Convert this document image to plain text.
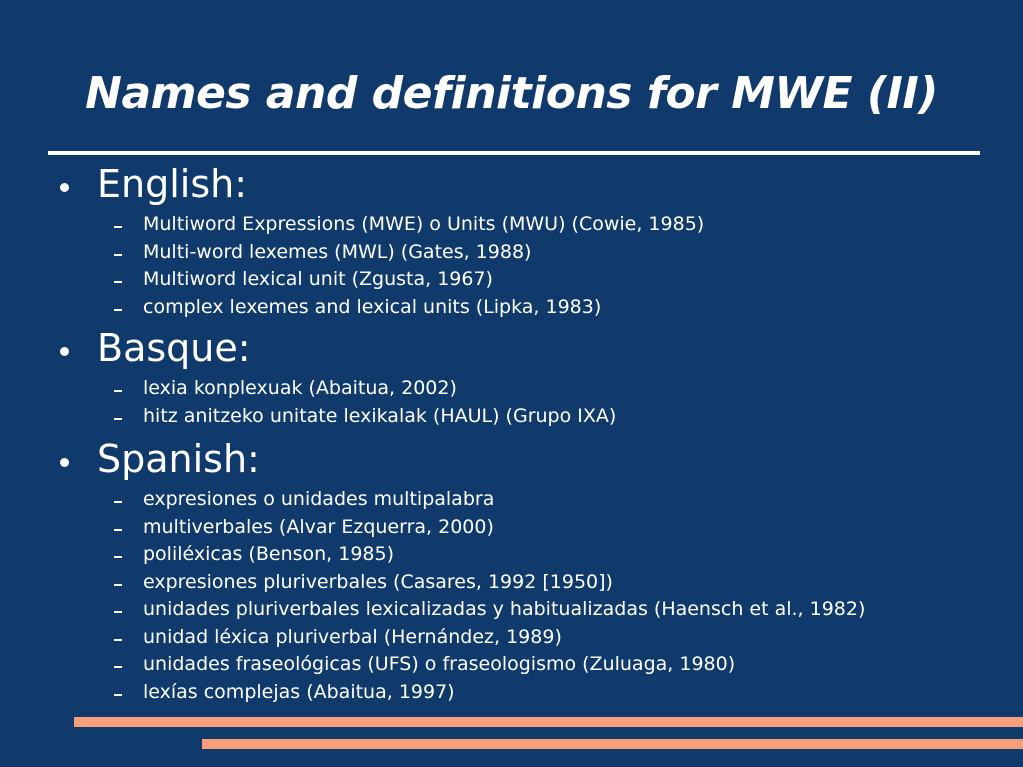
Names and definitions for MWE (II)
English:
Multiword Expressions (MWE) o Units (MWU) (Cowie, 1985)
Multi-word lexemes (MWL) (Gates, 1988)
Multiword lexical unit (Zgusta, 1967)
complex lexemes and lexical units (Lipka, 1983)
Basque:
lexia konplexuak (Abaitua, 2002)
hitz anitzeko unitate lexikalak (HAUL) (Grupo IXA)
Spanish:
expresiones o unidades multipalabra
multiverbales (Alvar Ezquerra, 2000)
poliléxicas (Benson, 1985)
expresiones pluriverbales (Casares, 1992 [1950])
unidades pluriverbales lexicalizadas y habitualizadas (Haensch et al., 1982)
unidad léxica pluriverbal (Hernández, 1989)
unidades fraseológicas (UFS) o fraseologismo (Zuluaga, 1980)
lexías complejas (Abaitua, 1997)
